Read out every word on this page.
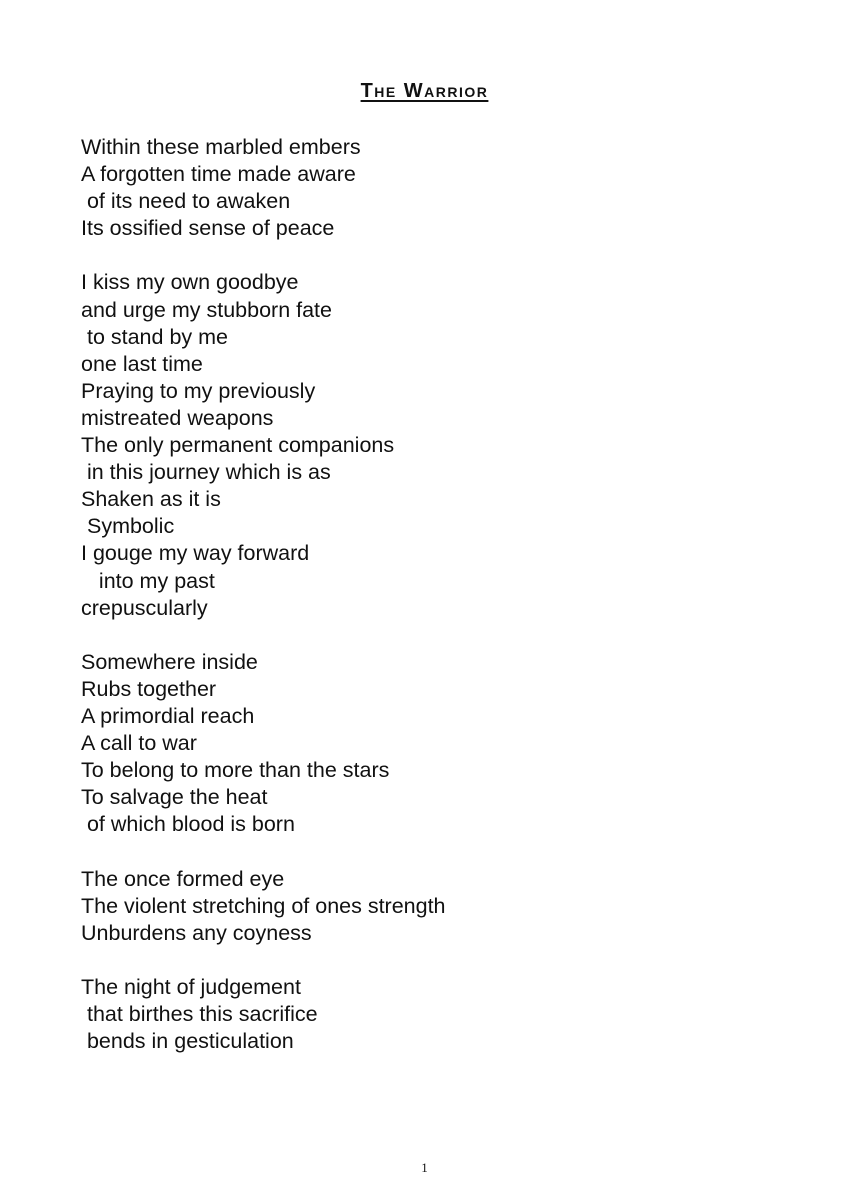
The Warrior
Within these marbled embers
A forgotten time made aware
of its need to awaken
Its ossified sense of peace
I kiss my own goodbye
and urge my stubborn fate
to stand by me
one last time
Praying to my previously
mistreated weapons
The only permanent companions
in this journey which is as
Shaken as it is
Symbolic
I gouge my way forward
into my past
crepuscularly
Somewhere inside
Rubs together
A primordial reach
A call to war
To belong to more than the stars
To salvage the heat
of which blood is born
The once formed eye
The violent stretching of ones strength
Unburdens any coyness
The night of judgement
that birthes this sacrifice
bends in gesticulation
1
